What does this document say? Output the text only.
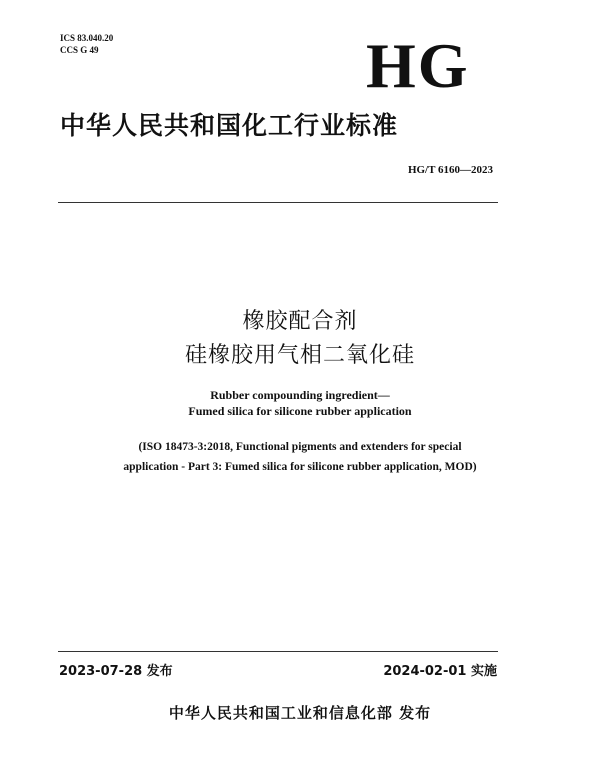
ICS 83.040.20
CCS G 49	HG
中华人民共和国化工行业标准
HG/T 6160—2023
橡胶配合剂
硅橡胶用气相二氧化硅
Rubber compounding ingredient—
Fumed silica for silicone rubber application
(ISO 18473-3:2018, Functional pigments and extenders for special
application - Part 3: Fumed silica for silicone rubber application, MOD)
2023-07-28 发布	2024-02-01 实施
中华人民共和国工业和信息化部 发布
